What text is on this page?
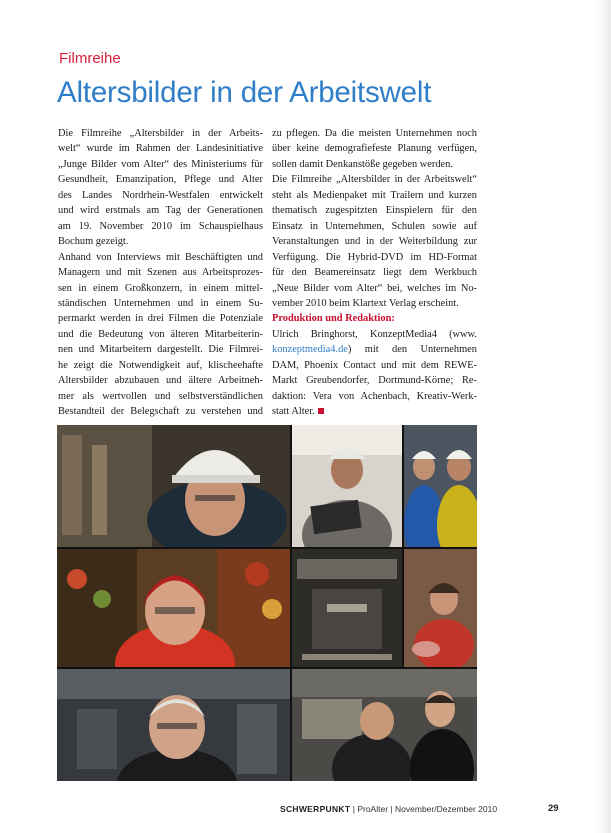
Filmreihe
Altersbilder in der Arbeitswelt

Die Filmreihe „Altersbilder in der Arbeits-

welt“ wurde im Rahmen der Landesinitiative

„Junge Bilder vom Alter“ des Ministeriums für

Gesundheit, Emanzipation, Pflege und Alter

des Landes Nordrhein-Westfalen entwickelt

und wird erstmals am Tag der Generationen

am 19. November 2010 im Schauspielhaus

Bochum gezeigt.

Anhand von Interviews mit Beschäftigten und

Managern und mit Szenen aus Arbeitsprozes-

sen in einem Großkonzern, in einem mittel-

ständischen Unternehmen und in einem Su-

permarkt werden in drei Filmen die Potenziale

und die Bedeutung von älteren Mitarbeiterin-

nen und Mitarbeitern dargestellt. Die Filmrei-

he zeigt die Notwendigkeit auf, klischeehafte

Altersbilder abzubauen und ältere Arbeitneh-

mer als wertvollen und selbstverständlichen

Bestandteil der Belegschaft zu verstehen und

zu pflegen. Da die meisten Unternehmen noch

über keine demografiefeste Planung verfügen,

sollen damit Denkanstöße gegeben werden.

Die Filmreihe „Altersbilder in der Arbeitswelt“

steht als Medienpaket mit Trailern und kurzen

thematisch zugespitzten Einspielern für den

Einsatz in Unternehmen, Schulen sowie auf

Veranstaltungen und in der Weiterbildung zur

Verfügung. Die Hybrid-DVD im HD-Format

für den Beamereinsatz liegt dem Werkbuch

„Neue Bilder vom Alter“ bei, welches im No-

vember 2010 beim Klartext Verlag erscheint.

Produktion und Redaktion:

Ulrich Bringhorst, KonzeptMedia4 (www.

konzeptmedia4.de) mit den Unternehmen

DAM, Phoenix Contact und mit dem REWE-

Markt Greubendorfer, Dortmund-Körne; Re-

daktion: Vera von Achenbach, Kreativ-Werk-

statt Alter.

SCHWERPUNKT | ProAlter | November/Dezember 2010	29
